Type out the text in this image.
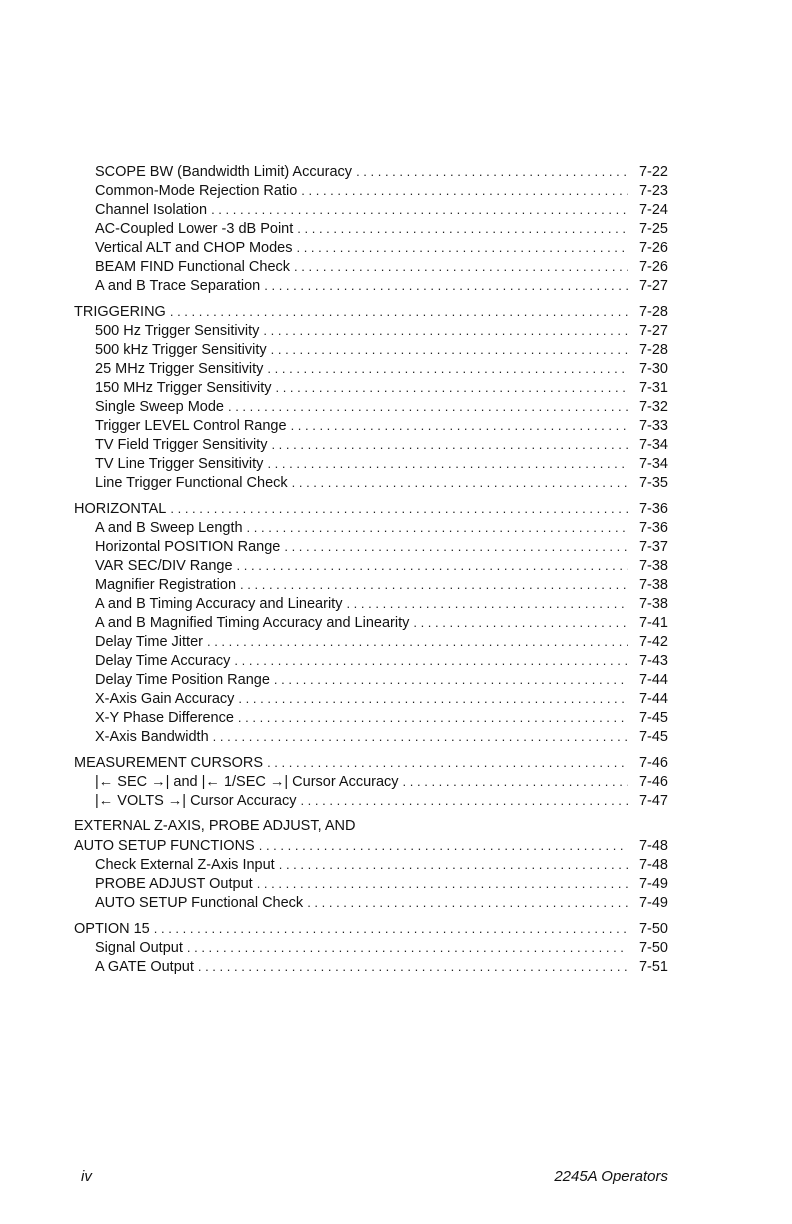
SCOPE BW (Bandwidth Limit) Accuracy . . .	7-22
Common-Mode Rejection Ratio . . .	7-23
Channel Isolation . . .	7-24
AC-Coupled Lower -3 dB Point . . .	7-25
Vertical ALT and CHOP Modes . . .	7-26
BEAM FIND Functional Check . . .	7-26
A and B Trace Separation . . .	7-27
TRIGGERING . . .	7-28
500 Hz Trigger Sensitivity . . .	7-27
500 kHz Trigger Sensitivity . . .	7-28
25 MHz Trigger Sensitivity . . .	7-30
150 MHz Trigger Sensitivity . . .	7-31
Single Sweep Mode . . .	7-32
Trigger LEVEL Control Range . . .	7-33
TV Field Trigger Sensitivity . . .	7-34
TV Line Trigger Sensitivity . . .	7-34
Line Trigger Functional Check . . .	7-35
HORIZONTAL . . .	7-36
A and B Sweep Length . . .	7-36
Horizontal POSITION Range . . .	7-37
VAR SEC/DIV Range . . .	7-38
Magnifier Registration . . .	7-38
A and B Timing Accuracy and Linearity . . .	7-38
A and B Magnified Timing Accuracy and Linearity . . .	7-41
Delay Time Jitter . . .	7-42
Delay Time Accuracy . . .	7-43
Delay Time Position Range . . .	7-44
X-Axis Gain Accuracy . . .	7-44
X-Y Phase Difference . . .	7-45
X-Axis Bandwidth . . .	7-45
MEASUREMENT CURSORS . . .	7-46
|← SEC →| and |← 1/SEC →| Cursor Accuracy . . .	7-46
|← VOLTS →| Cursor Accuracy . . .	7-47
EXTERNAL Z-AXIS, PROBE ADJUST, AND
AUTO SETUP FUNCTIONS . . .	7-48
Check External Z-Axis Input . . .	7-48
PROBE ADJUST Output . . .	7-49
AUTO SETUP Functional Check . . .	7-49
OPTION 15 . . .	7-50
Signal Output . . .	7-50
A GATE Output . . .	7-51
iv	2245A Operators
